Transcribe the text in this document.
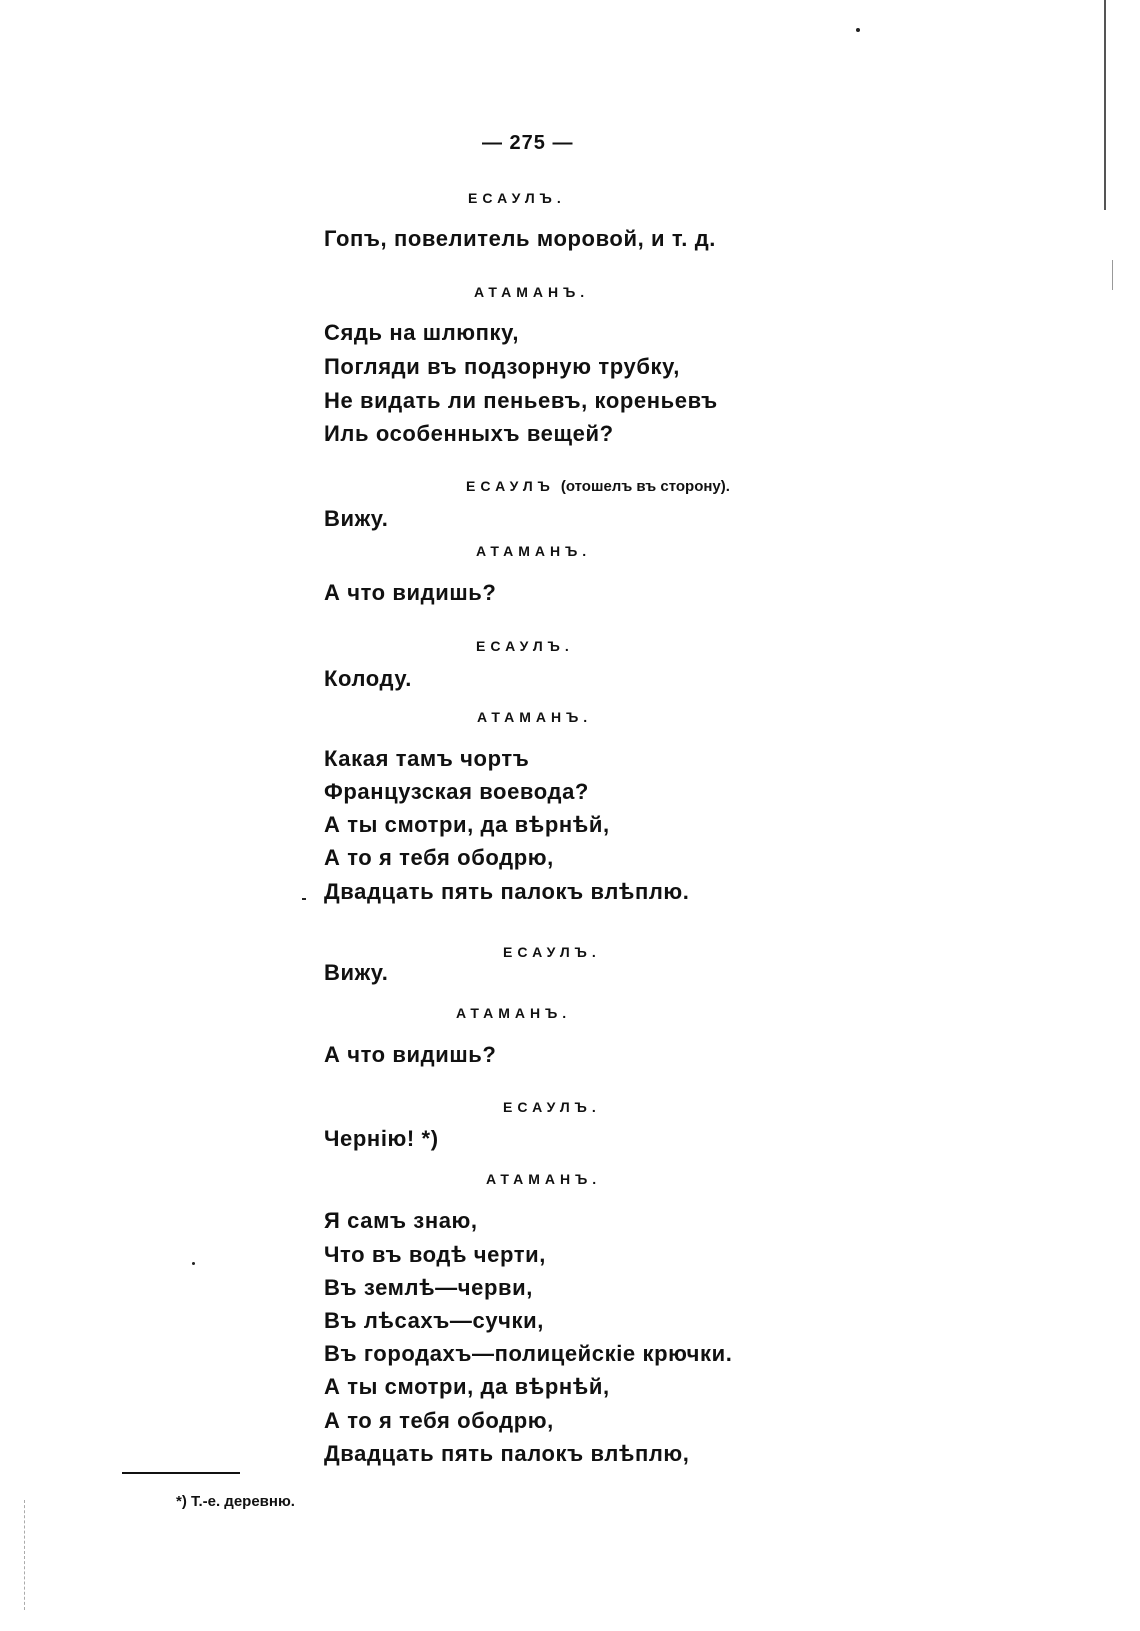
— 275 —
ЕСАУЛЪ.
Гопъ, повелитель моровой, и т. д.
АТАМАНЪ.
Сядь на шлюпку,
Погляди въ подзорную трубку,
Не видать ли пеньевъ, кореньевъ
Иль особенныхъ вещей?
ЕСАУЛЪ (отошелъ въ сторону).
Вижу.
АТАМАНЪ.
А что видишь?
ЕСАУЛЪ.
Колоду.
АТАМАНЪ.
Какая тамъ чортъ
Французская воевода?
А ты смотри, да вѣрнѣй,
А то я тебя ободрю,
Двадцать пять палокъ влѣплю.
ЕСАУЛЪ.
Вижу.
АТАМАНЪ.
А что видишь?
ЕСАУЛЪ.
Чернію! *)
АТАМАНЪ.
Я самъ знаю,
Что въ водѣ черти,
Въ землѣ—черви,
Въ лѣсахъ—сучки,
Въ городахъ—полицейскіе крючки.
А ты смотри, да вѣрнѣй,
А то я тебя ободрю,
Двадцать пять палокъ влѣплю,
*) Т.-е. деревню.
